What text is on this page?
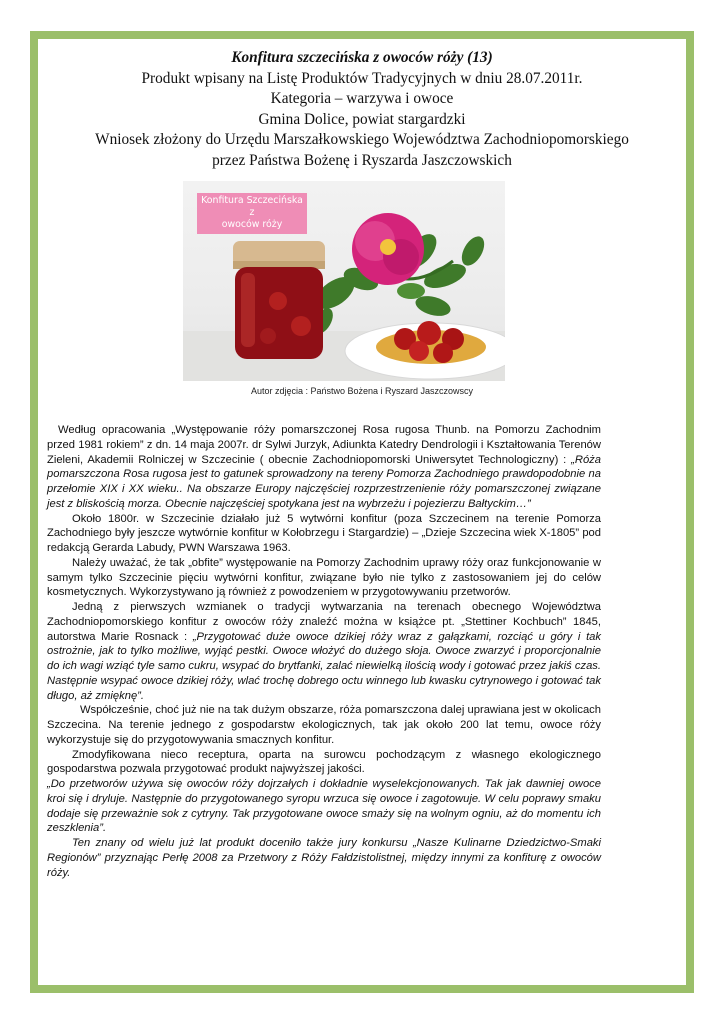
Konfitura szczecińska z owoców róży (13)
Produkt wpisany na Listę Produktów Tradycyjnych w dniu 28.07.2011r.
Kategoria – warzywa i owoce
Gmina Dolice, powiat stargardzki
Wniosek złożony do Urzędu Marszałkowskiego Województwa Zachodniopomorskiego
przez Państwa Bożenę i Ryszarda Jaszczowskich
Konfitura Szczecińska
z
owoców róży
Autor zdjęcia : Państwo Bożena i Ryszard Jaszczowscy

Według opracowania „Występowanie róży pomarszczonej Rosa rugosa Thunb. na Pomorzu Zachodnim przed 1981 rokiem” z dn. 14 maja 2007r. dr Sylwi Jurzyk, Adiunkta Katedry Dendrologii i Kształtowania Terenów Zieleni, Akademii Rolniczej w Szczecinie ( obecnie Zachodniopomorski Uniwersytet Technologiczny) : „Róża pomarszczona Rosa rugosa jest to gatunek sprowadzony na tereny Pomorza Zachodniego prawdopodobnie na przełomie XIX i XX wieku.. Na obszarze Europy najczęściej rozprzestrzenienie róży pomarszczonej związane jest z bliskością morza. Obecnie najczęściej spotykana jest na wybrzeżu i pojezierzu Bałtyckim…”

Około 1800r. w Szczecinie działało już 5 wytwórni konfitur (poza Szczecinem na terenie Pomorza Zachodniego były jeszcze wytwórnie konfitur w Kołobrzegu i Stargardzie) – „Dzieje Szczecina wiek X-1805” pod redakcją Gerarda Labudy, PWN Warszawa 1963.

Należy uważać, że tak „obfite” występowanie na Pomorzy Zachodnim uprawy róży oraz funkcjonowanie w samym tylko Szczecinie pięciu wytwórni konfitur, związane było nie tylko z zastosowaniem jej do celów kosmetycznych. Wykorzystywano ją również z powodzeniem w przygotowywaniu przetworów.

Jedną z pierwszych wzmianek o tradycji wytwarzania na terenach obecnego Województwa Zachodniopomorskiego konfitur z owoców róży znaleźć można w książce pt. „Stettiner Kochbuch” 1845, autorstwa Marie Rosnack : „Przygotować duże owoce dzikiej róży wraz z gałązkami, rozciąć u góry i tak ostrożnie, jak to tylko możliwe, wyjąć pestki. Owoce włożyć do dużego słoja. Owoce zwarzyć i proporcjonalnie do ich wagi wziąć tyle samo cukru, wsypać do brytfanki, zalać niewielką ilością wody i gotować przez jakiś czas. Następnie wsypać owoce dzikiej róży, wlać trochę dobrego octu winnego lub kwasku cytrynowego i gotować tak długo, aż zmięknę”.

Współcześnie, choć już nie na tak dużym obszarze, róża pomarszczona dalej uprawiana jest w okolicach Szczecina. Na terenie jednego z gospodarstw ekologicznych, tak jak około 200 lat temu, owoce róży wykorzystuje się do przygotowywania smacznych konfitur.

Zmodyfikowana nieco receptura, oparta na surowcu pochodzącym z własnego ekologicznego gospodarstwa pozwala przygotować produkt najwyższej jakości.

„Do przetworów używa się owoców róży dojrzałych i dokładnie wyselekcjonowanych. Tak jak dawniej owoce kroi się i dryluje. Następnie do przygotowanego syropu wrzuca się owoce i zagotowuje. W celu poprawy smaku dodaje się przeważnie sok z cytryny. Tak przygotowane owoce smaży się na wolnym ogniu, aż do momentu ich zeszklenia”.

Ten znany od wielu już lat produkt doceniło także jury konkursu „Nasze Kulinarne Dziedzictwo-Smaki Regionów” przyznając Perłę 2008 za Przetwory z Róży Fałdzistolistnej, między innymi za konfiturę z owoców róży.
